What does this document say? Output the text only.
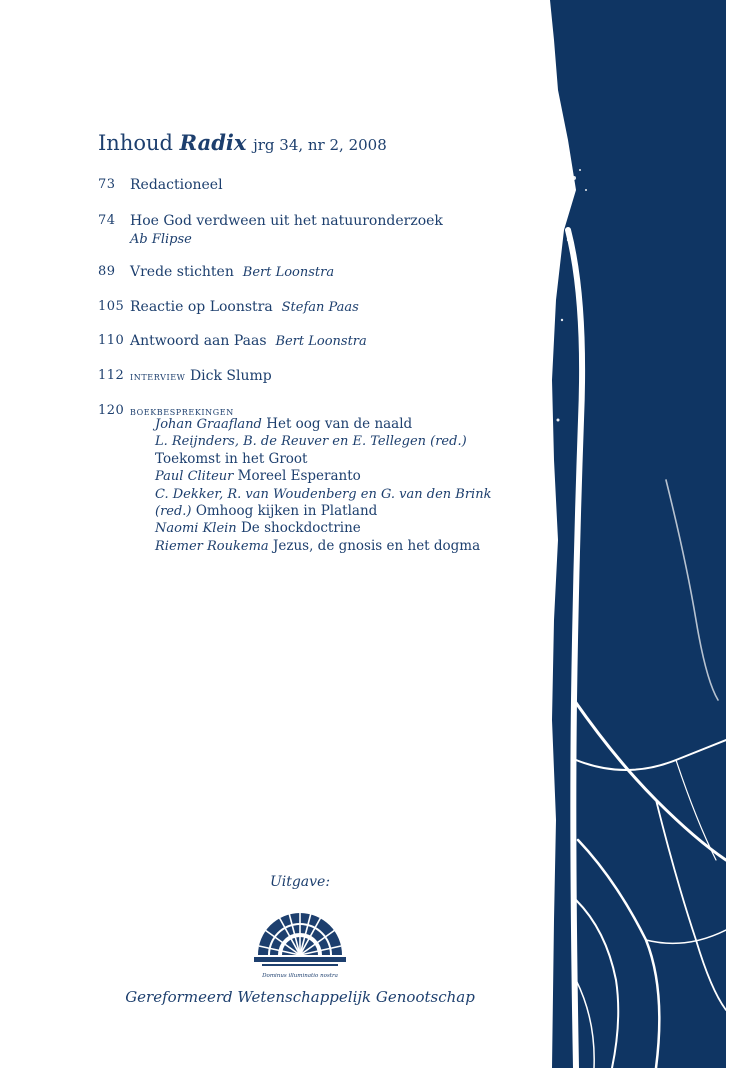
Inhoud Radix jrg 34, nr 2, 2008
73	Redactioneel
74	Hoe God verdween uit het natuuronderzoek
Ab Flipse
89	Vrede stichten Bert Loonstra
105 Reactie op Loonstra Stefan Paas
110 Antwoord aan Paas Bert Loonstra
112 interview Dick Slump
120 boekbesprekingen
Johan Graafland Het oog van de naald
L. Reijnders, B. de Reuver en E. Tellegen (red.)
Toekomst in het Groot
Paul Cliteur Moreel Esperanto
C. Dekker, R. van Woudenberg en G. van den Brink
(red.) Omhoog kijken in Platland
Naomi Klein De shockdoctrine
Riemer Roukema Jezus, de gnosis en het dogma
Uitgave:
Dominus illuminatio nostra
Gereformeerd Wetenschappelijk Genootschap
